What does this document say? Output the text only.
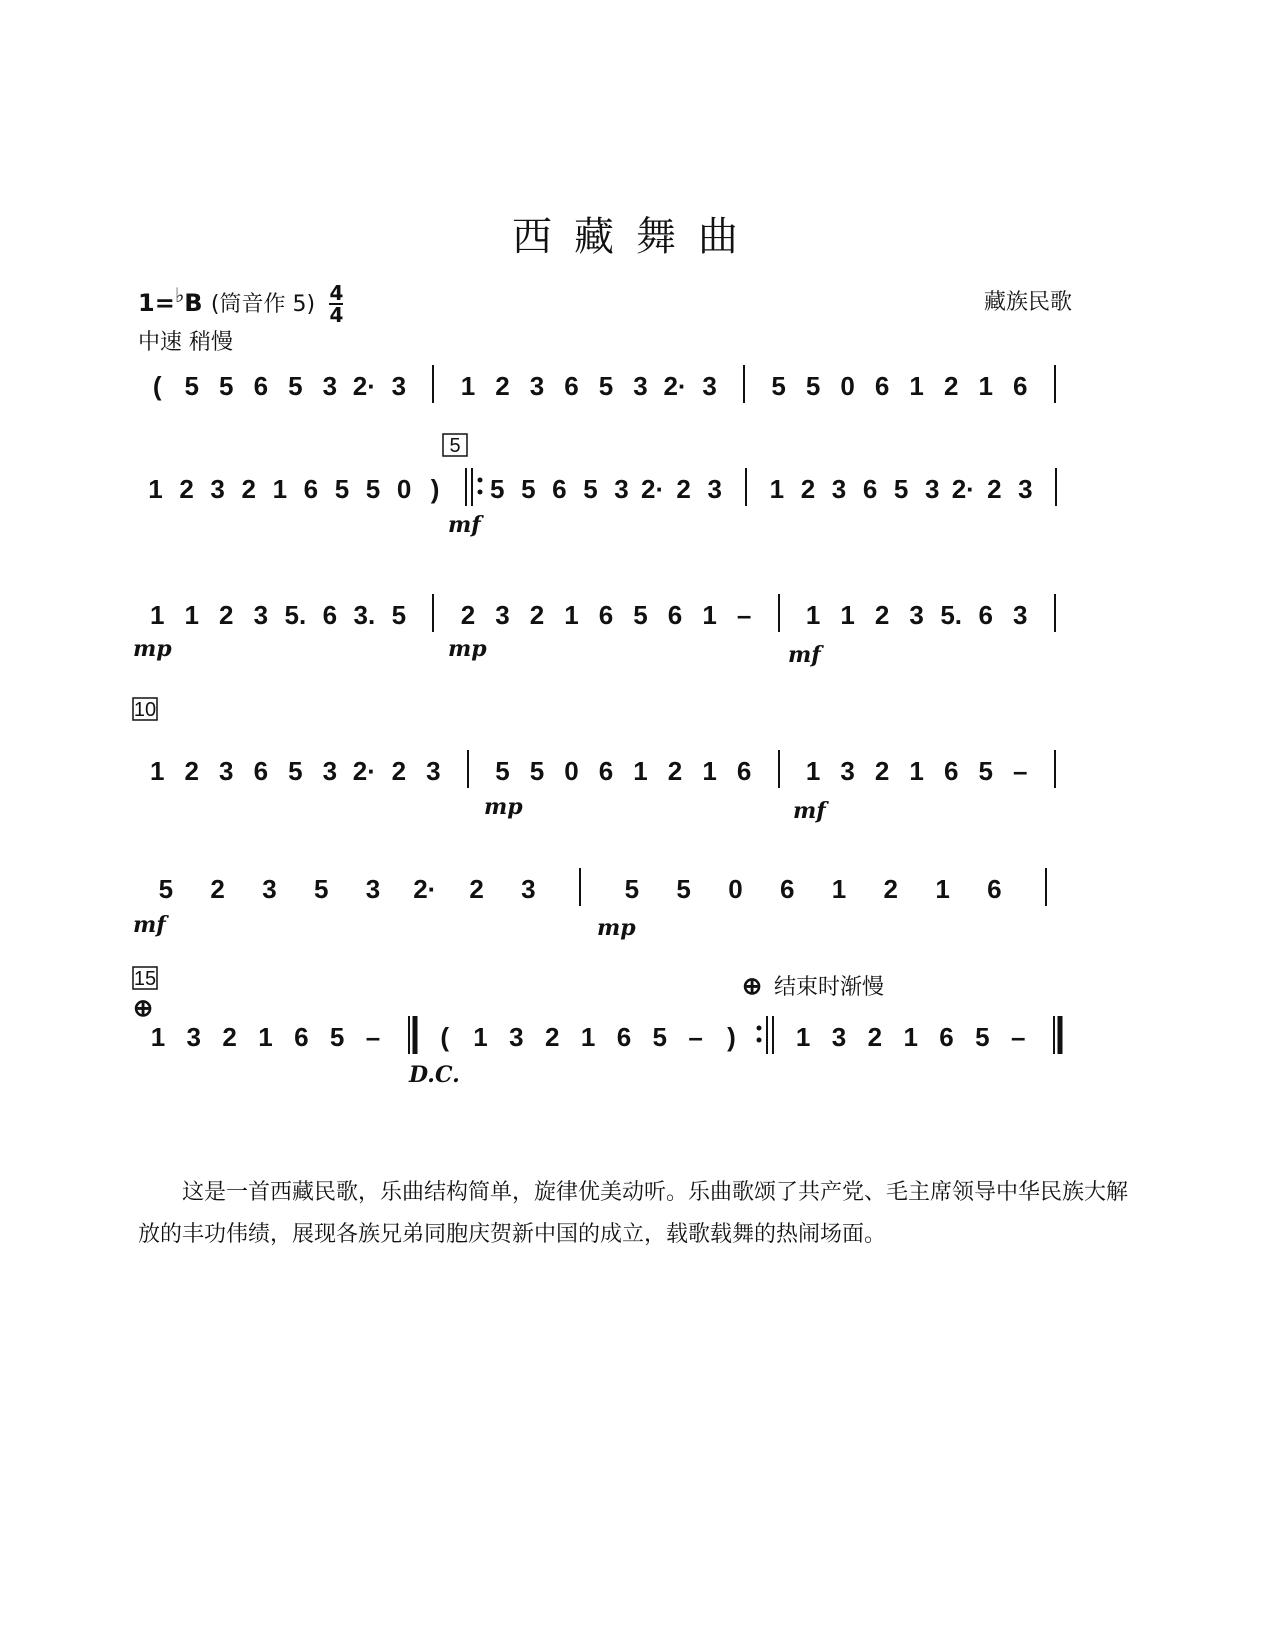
西藏舞曲
1=♭B (筒音作 $5) \frac{4}{4}$	藏族民歌
中速 稍慢
( 5 5 6 5 3 2· 3 1 2 3 6 5 3 2· 3 5 5 0 6 1 2 1 6
1 2 3 2 1 6 5 5 0 ) 5 5 6 5 3 2· 2 3 1 2 3 6 5 3 2· 2 3
1 1 2 3 5. 6 3. 5 2 3 2 1 6 5 6 1 – 1 1 2 3 5. 6 3
1 2 3 6 5 3 2· 2 3 5 5 0 6 1 2 1 6 1 3 2 1 6 5 –
5 2 3 5 3 2· 2 3	5 5 0 6 1 2 1 6
1 3 2 1 6 5 – ( 1 3 2 1 6 5 – ) 1 3 2 1 6 5 –
5
10
15
mf
mp	mp	mf
mp	mf
mf	mp
D.C.
⊕ 结束时渐慢
⊕
这是一首西藏民歌，乐曲结构简单，旋律优美动听。乐曲歌颂了共产党、毛主席领导中华民族大解放的丰功伟绩，展现各族兄弟同胞庆贺新中国的成立，载歌载舞的热闹场面。
